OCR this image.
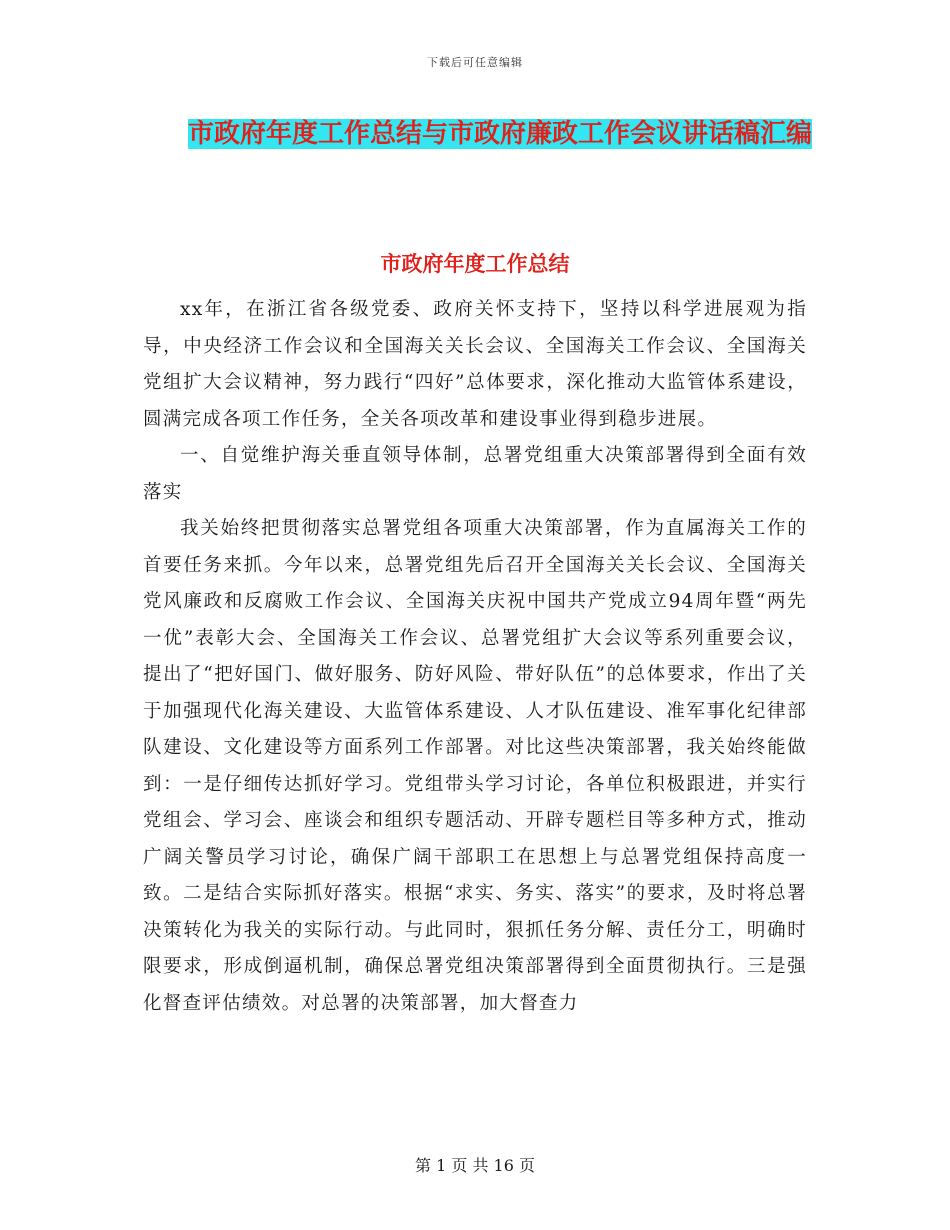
下载后可任意编辑
市政府年度工作总结与市政府廉政工作会议讲话稿汇编
市政府年度工作总结

xx年，在浙江省各级党委、政府关怀支持下，坚持以科学进展观为指导，中央经济工作会议和全国海关关长会议、全国海关工作会议、全国海关党组扩大会议精神，努力践行“四好”总体要求，深化推动大监管体系建设，圆满完成各项工作任务，全关各项改革和建设事业得到稳步进展。

一、自觉维护海关垂直领导体制，总署党组重大决策部署得到全面有效落实

我关始终把贯彻落实总署党组各项重大决策部署，作为直属海关工作的首要任务来抓。今年以来，总署党组先后召开全国海关关长会议、全国海关党风廉政和反腐败工作会议、全国海关庆祝中国共产党成立94周年暨“两先一优”表彰大会、全国海关工作会议、总署党组扩大会议等系列重要会议，提出了“把好国门、做好服务、防好风险、带好队伍”的总体要求，作出了关于加强现代化海关建设、大监管体系建设、人才队伍建设、准军事化纪律部队建设、文化建设等方面系列工作部署。对比这些决策部署，我关始终能做到：一是仔细传达抓好学习。党组带头学习讨论，各单位积极跟进，并实行党组会、学习会、座谈会和组织专题活动、开辟专题栏目等多种方式，推动广阔关警员学习讨论，确保广阔干部职工在思想上与总署党组保持高度一致。二是结合实际抓好落实。根据“求实、务实、落实”的要求，及时将总署决策转化为我关的实际行动。与此同时，狠抓任务分解、责任分工，明确时限要求，形成倒逼机制，确保总署党组决策部署得到全面贯彻执行。三是强化督查评估绩效。对总署的决策部署，加大督查力

第 1 页 共 16 页
